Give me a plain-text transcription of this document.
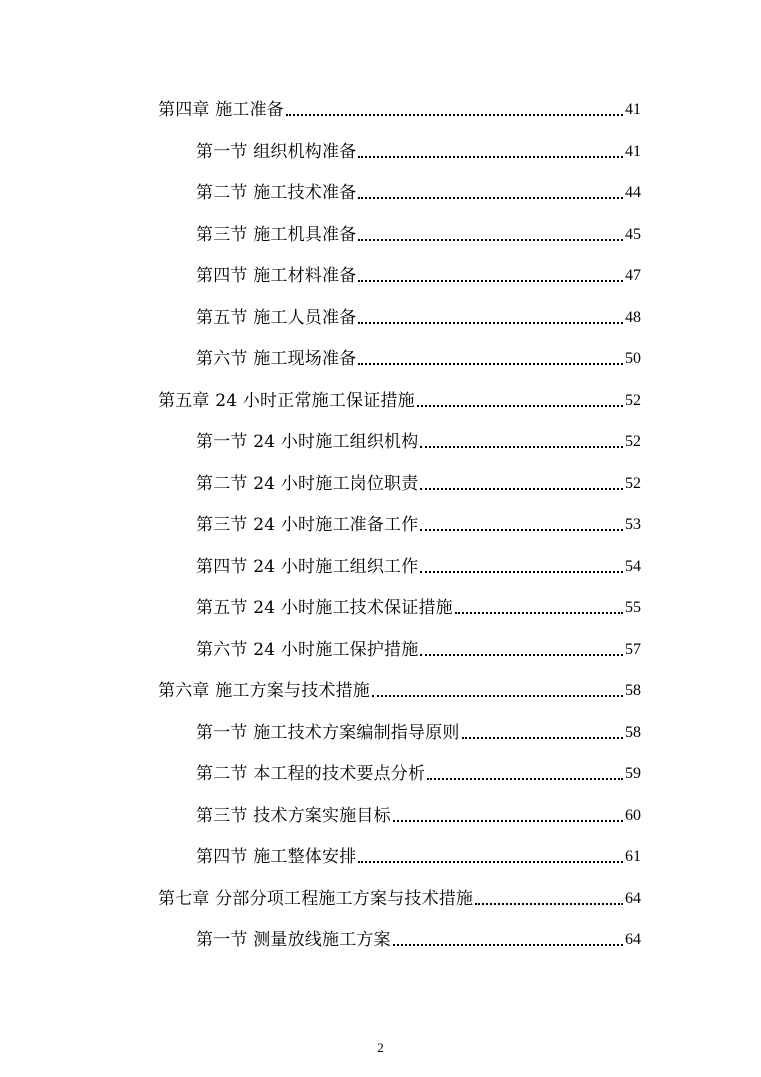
第四章 施工准备	41
第一节 组织机构准备	41
第二节 施工技术准备	44
第三节 施工机具准备	45
第四节 施工材料准备	47
第五节 施工人员准备	48
第六节 施工现场准备	50
第五章 24 小时正常施工保证措施	52
第一节 24 小时施工组织机构	52
第二节 24 小时施工岗位职责	52
第三节 24 小时施工准备工作	53
第四节 24 小时施工组织工作	54
第五节 24 小时施工技术保证措施	55
第六节 24 小时施工保护措施	57
第六章 施工方案与技术措施	58
第一节 施工技术方案编制指导原则	58
第二节 本工程的技术要点分析	59
第三节 技术方案实施目标	60
第四节 施工整体安排	61
第七章 分部分项工程施工方案与技术措施	64
第一节 测量放线施工方案	64
2
